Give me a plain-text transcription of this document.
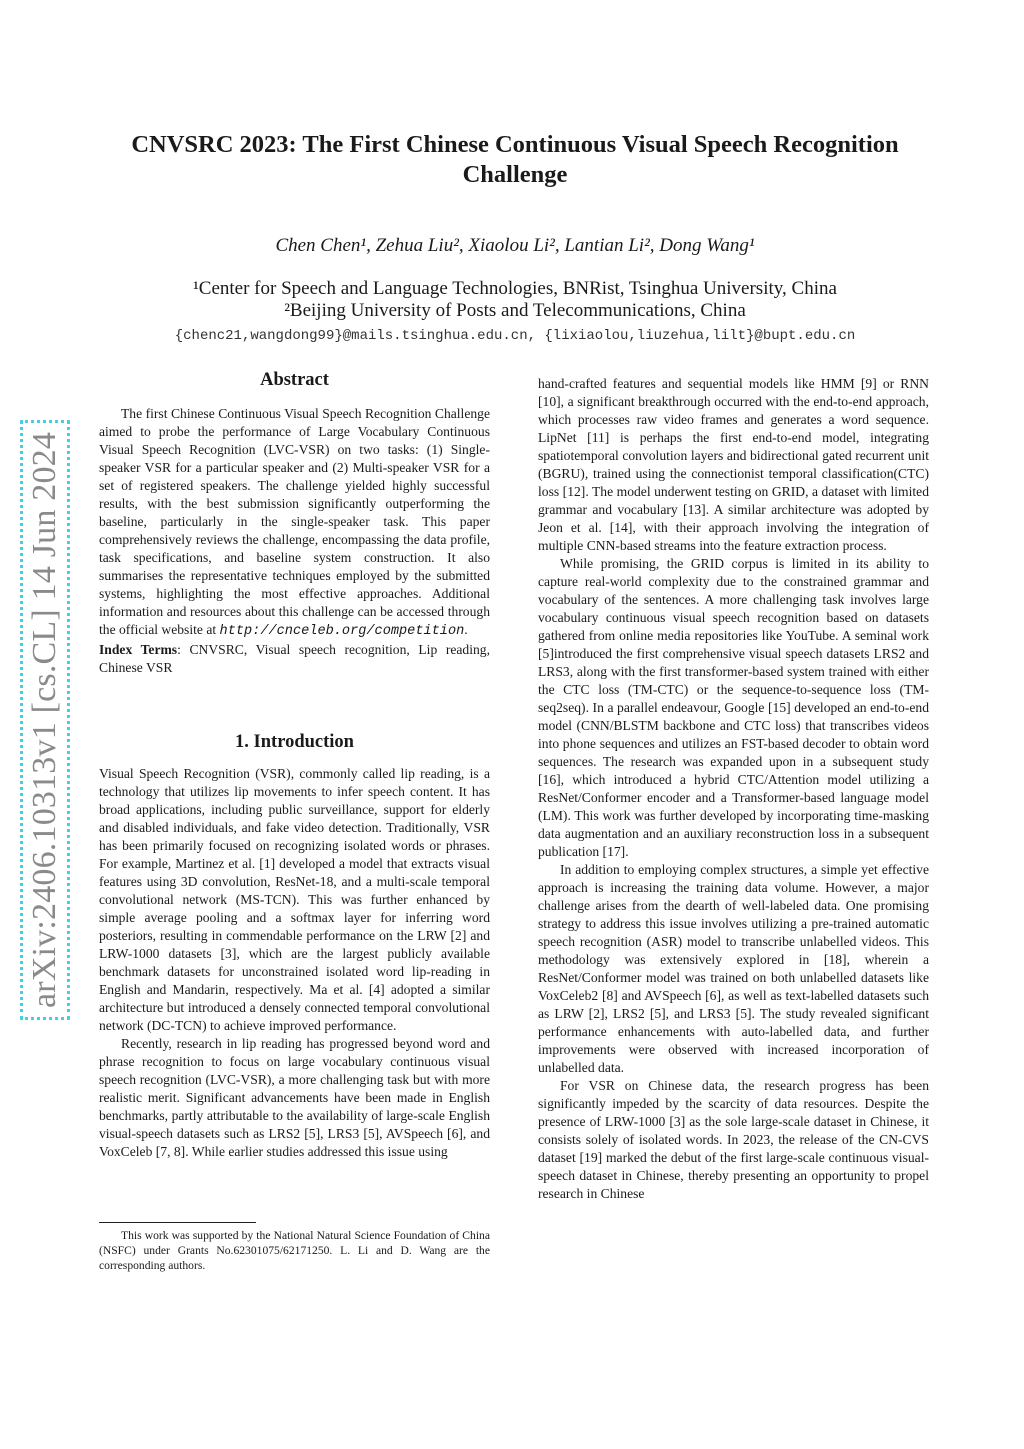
arXiv:2406.10313v1 [cs.CL] 14 Jun 2024
CNVSRC 2023: The First Chinese Continuous Visual Speech Recognition Challenge
Chen Chen¹, Zehua Liu², Xiaolou Li², Lantian Li², Dong Wang¹
¹Center for Speech and Language Technologies, BNRist, Tsinghua University, China
²Beijing University of Posts and Telecommunications, China
{chenc21,wangdong99}@mails.tsinghua.edu.cn, {lixiaolou,liuzehua,lilt}@bupt.edu.cn
Abstract

The first Chinese Continuous Visual Speech Recognition Challenge aimed to probe the performance of Large Vocabulary Continuous Visual Speech Recognition (LVC-VSR) on two tasks: (1) Single-speaker VSR for a particular speaker and (2) Multi-speaker VSR for a set of registered speakers. The challenge yielded highly successful results, with the best submission significantly outperforming the baseline, particularly in the single-speaker task. This paper comprehensively reviews the challenge, encompassing the data profile, task specifications, and baseline system construction. It also summarises the representative techniques employed by the submitted systems, highlighting the most effective approaches. Additional information and resources about this challenge can be accessed through the official website at http://cnceleb.org/competition.

Index Terms: CNVSRC, Visual speech recognition, Lip reading, Chinese VSR

1. Introduction

Visual Speech Recognition (VSR), commonly called lip reading, is a technology that utilizes lip movements to infer speech content. It has broad applications, including public surveillance, support for elderly and disabled individuals, and fake video detection. Traditionally, VSR has been primarily focused on recognizing isolated words or phrases. For example, Martinez et al. [1] developed a model that extracts visual features using 3D convolution, ResNet-18, and a multi-scale temporal convolutional network (MS-TCN). This was further enhanced by simple average pooling and a softmax layer for inferring word posteriors, resulting in commendable performance on the LRW [2] and LRW-1000 datasets [3], which are the largest publicly available benchmark datasets for unconstrained isolated word lip-reading in English and Mandarin, respectively. Ma et al. [4] adopted a similar architecture but introduced a densely connected temporal convolutional network (DC-TCN) to achieve improved performance.

Recently, research in lip reading has progressed beyond word and phrase recognition to focus on large vocabulary continuous visual speech recognition (LVC-VSR), a more challenging task but with more realistic merit. Significant advancements have been made in English benchmarks, partly attributable to the availability of large-scale English visual-speech datasets such as LRS2 [5], LRS3 [5], AVSpeech [6], and VoxCeleb [7, 8]. While earlier studies addressed this issue using

This work was supported by the National Natural Science Foundation of China (NSFC) under Grants No.62301075/62171250. L. Li and D. Wang are the corresponding authors.

hand-crafted features and sequential models like HMM [9] or RNN [10], a significant breakthrough occurred with the end-to-end approach, which processes raw video frames and generates a word sequence. LipNet [11] is perhaps the first end-to-end model, integrating spatiotemporal convolution layers and bidirectional gated recurrent unit (BGRU), trained using the connectionist temporal classification(CTC) loss [12]. The model underwent testing on GRID, a dataset with limited grammar and vocabulary [13]. A similar architecture was adopted by Jeon et al. [14], with their approach involving the integration of multiple CNN-based streams into the feature extraction process.

While promising, the GRID corpus is limited in its ability to capture real-world complexity due to the constrained grammar and vocabulary of the sentences. A more challenging task involves large vocabulary continuous visual speech recognition based on datasets gathered from online media repositories like YouTube. A seminal work [5]introduced the first comprehensive visual speech datasets LRS2 and LRS3, along with the first transformer-based system trained with either the CTC loss (TM-CTC) or the sequence-to-sequence loss (TM-seq2seq). In a parallel endeavour, Google [15] developed an end-to-end model (CNN/BLSTM backbone and CTC loss) that transcribes videos into phone sequences and utilizes an FST-based decoder to obtain word sequences. The research was expanded upon in a subsequent study [16], which introduced a hybrid CTC/Attention model utilizing a ResNet/Conformer encoder and a Transformer-based language model (LM). This work was further developed by incorporating time-masking data augmentation and an auxiliary reconstruction loss in a subsequent publication [17].

In addition to employing complex structures, a simple yet effective approach is increasing the training data volume. However, a major challenge arises from the dearth of well-labeled data. One promising strategy to address this issue involves utilizing a pre-trained automatic speech recognition (ASR) model to transcribe unlabelled videos. This methodology was extensively explored in [18], wherein a ResNet/Conformer model was trained on both unlabelled datasets like VoxCeleb2 [8] and AVSpeech [6], as well as text-labelled datasets such as LRW [2], LRS2 [5], and LRS3 [5]. The study revealed significant performance enhancements with auto-labelled data, and further improvements were observed with increased incorporation of unlabelled data.

For VSR on Chinese data, the research progress has been significantly impeded by the scarcity of data resources. Despite the presence of LRW-1000 [3] as the sole large-scale dataset in Chinese, it consists solely of isolated words. In 2023, the release of the CN-CVS dataset [19] marked the debut of the first large-scale continuous visual-speech dataset in Chinese, thereby presenting an opportunity to propel research in Chinese
